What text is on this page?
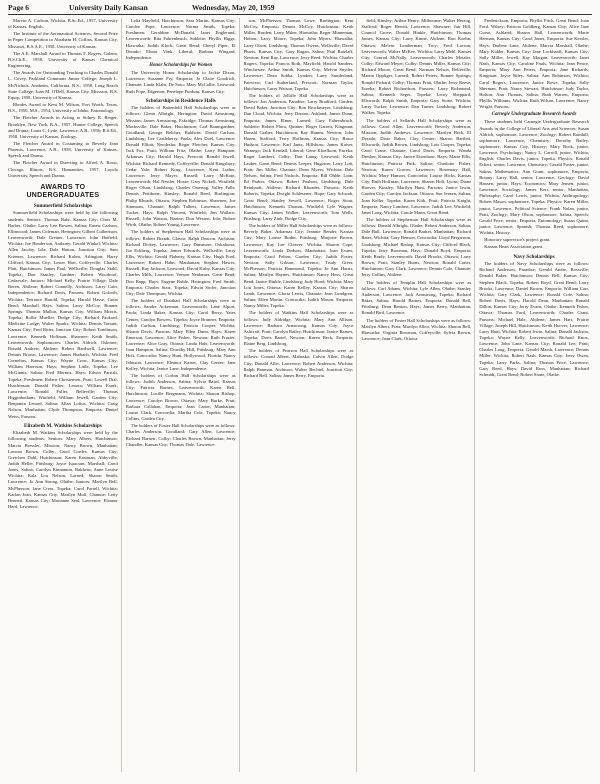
Page 6	University Daily Kansan	Wednesday, May 20, 1959

Marvin A. Carlson, Wichita, B.Sc.Ed., 1957, University of Kansas, English.

The Institute of the Aeronautical Sciences, Second Prize in Paper Competition to Abraham H. Collins, Kansas City, Missouri, B.S.A.E., 1958, University of Kansas.

The A.E. Marshall Award to Thomas F. Rogers, Galena, B.S.Ch.E., 1958, University of Kansas Chemical Engineering.

The Awards for Outstanding Teaching to Charles Donald L. Covey, Parkland Commons Junior College; Joseph L. McNichols, Anaheim, California, B.S., 1958, Long Beach State College; Joan M. O'Dell, Kansas City, Missouri, B.S. Equip, 1958, University of Kansas.

Rhodes Award to Kent M. Wilson, Fort Worth, Texas, B.S., 1950, M.S., 1954, University of Idaho, Entomology.

The Fletcher Awards in Acting to Sidney B. Berger, Brooklyn, New York, B.A., 1957, Hunter College, Speech and Drama; Louis C. Lyde, Lawrence, A.B., 1956; B.S.Ed., 1958, University of Kansas, Zoology.

The Fletcher Award in Costuming to Beverly Jean Phoenix, Lawrence, A.B., 1958, University of Kansas, Speech and Drama.

The Fletcher Award in Directing to Alfred A. Rossi, Chicago, Illinois, B.S. Humanities, 1957, Loyola University, Speech and Drama.

AWARDS TO UNDERGRADUATES
Summerfield Scholarships

Summerfield Scholarships were held by the following students: Seniors: Thomas Bahr, Kansas City; Chris M. Barber, Olathe; Larry Lee Bowen, Salina; Ernest Carlson, Ellinwood; James Coleman, Herington; Gilbert Culbertson, Leavenworth; Dale Greiner, Lawrence; John Hatfield, Wichita; Joe Henderson, Anthony; Gerald Winkel; Wichita; Allen Jacoby, Iola; Dale Hutton, Junction City; Sam Kroener, Lawrence; Richard Kohm, Arlington; Harry Clifford, Kansas City; Lester Hart, Coffeyville; Charles Platt, Hutchinson; James Paul, Wellsville; Douglas Stahl, Topeka; Don Stanley, Gardner; Robert Woodroof, Cedarvale; Juniors: Michael Kelly, Prairie Village; Dale Beren, Abilene; Robert Connelly, Atchison; Larry Cain, Independence; Richard Davis, Parsons; Robert Goforth, Wichita; Terrance Harold, Topeka; Harold Hasse, Great Bend; Marshall Hays, Salina; Larry McCoy, Bonner Springs; Thomas Mallon, Kansas City; William Morris, Topeka; Rollie Mueller, Dodge City; Richard Packard, Medicine Lodge; Walter Sparks, Wichita; Dennis Tarrant, Kansas City; Fred Ritter, Junction City; Robert Tomlinson, Lawrence; Kenneth Hoffman, Shawnee; Keith Smith, Leavenworth; Sophomores: Charles Aldrich, Osborne; Ronald Andrew, Abilene; Robert Bardwell, Lawrence; Dennis Brown, Lawrence; James Burbach, Wichita; Fred Cornelius, Kansas City; Wayne Crow, Kansas City; William Harrison, Hays; Stephen Little, Topeka; Lee McGinnis, Salina; Fred Mermis, Hays; Edwin Parrish, Topeka; Freshmen: Robert Christensen, Pratt; Lowell Dial, Hutchinson; Donald Fisher, Lenora; William Frank, Lawrence; Ronald Fuller, Belleville; Thomas Higginbotham, Winfield; William Jewell, Garden City; Benjamin Lenard, Salina; Allan Loftus, Wichita; Craig Nelson, Manhattan; Clyde Thompson, Emporia; Daniel Weiss, Parsons.

Elizabeth M. Watkins Scholarships

Elizabeth M. Watkins Scholarships were held by the following students: Seniors: Mary Albers, Hutchinson; Marcia Bressler, Mission; Nancy Brown, Manhattan; Lavona Brown, Colby; Carol Cordes, Kansas City; Gretchen Dahl, Hutchinson; Karen Eastman, Abbyville; Judith Heller, Pittsburg; Joyce Isaacson, Marshall; Carol Jones, Salina; Carolyn Kinnamon, Baldwin; Anne Louise Wichita; Kala Lou Nelson, Larned; Sharon Smith, Lawrence; Jo Ann Strong, Olathe; Juniors: Marilyn Bell, McPherson; Jane Cress, Topeka; Carol Farrell, Wichita; Karlan Jean, Kansas City; Marilyn Mull, Chanute; Letty Bennett, Kansas City; Marianne Seal, Lawrence; Eleanor Herd, Lawrence.

Lelia Mayfield, Hutchinson; Sara Martin, Kansas City; Carolee Pope, Lawrence; Norma Smith, Topeka; Freshmen: Geraldine McDonald, Janet Englerand, Leavenworth; Rita Fahrenbruch, Sublette; Phyllis Higgs, Hiawatha; Judith Klock, Great Bend; Cheryl Piper, El Dorado; Elinor Vonk, Liberal; Barbara Wingard, Independence.

Honor Scholarships for Women

The University Honor Scholarship to Jackie Dixon, Lawrence; Susanne Fry, Emporia; Jo Claire Goodrich, Chanute; Linda Klahr, De Soto; Mary McCallie, Leawood; Ruth Pope, Edgerton; Penelope Purdum, Kansas City.

Scholarships in Residence Halls

The holders of Battenfeld Hall Scholarships were as follows: Glenn Albright, Herington; David Armstrong, Mission; James Armstrong, Eskridge; Thomas Armstrong, Macksville; Dale Baker, Hutchinson; Carl Baumgardner, Goodland; George Belcher, Baldwin; David Carlson, Lindsborg; Lee Castleberry, Paola; Alex Doel, Lawrence; Donald Elliott, Neodesha; Roger Fletcher, Kansas City; Jack Fox, Pratt; William Fritz, Olathe; Larry Hampton, Arkansas City; Harold Hays, Prescott; Ronald Jewell, Wichita; Richard Kennedy, Coffeyville; Donald Kingsbury, Cedar Vale; Robert Krug, Lawrence; Kent Luther, Lawrence; Jerry Mayer, Russell; Larry McKain, Leavenworth; Hal Nestler, Hoxie; Gary Nickell, Winfield; Roger Olson, Lindsborg; Charles Ostertag, Valley Falls; Dennis Pettibone, Kinsley; Ronald Reed, Burlington; Philip Rhoads, Ottawa; Stephen Robinson, Shawnee; Joe Simmons, Chanute; Ralph Talbert, Lawrence; James Tucker, Hays; Ralph Vincent, Winfield; Jim Wallace, Russell; John Watson, Bazine; Don Weston, Iola; Robert Wirth, Olathe; Robert Young, Lawrence.

The holders of Stephenson Hall Scholarships were as follows: Robert Brandt, Glasco; Ralph Deacon, Atchison; Richard Dickey, Lawrence; Gary Dinsmore, Oskaloosa; Joe Eckberg, Topeka; James Edwards, Wellsville; Larry Ellis, Wichita; Gerald Flaherty, Kansas City; Hugh Ford, Lawrence; Robert Hahn, Manhattan; Stephen Hawes, Russell; Ray Jackson, Leawood; David Kirby, Kansas City; Charles Mills, Lawrence; Vernon Neubauer, Great Bend; Don Rapp, Hays; Eugene Ruble, Herington; Fred Smith, Emporia; Charles Starr, Topeka; Edwin Stofer, Junction City; Dale Thompson, Wichita.

The holders of Douthart Hall Scholarships were as follows: Sandra Ackerman, Leavenworth; Lane Alport, Paola; Linda Baker, Kansas City; Carol Berry, Yates Center; Carolyn Bowers, Topeka; Joyce Brunner, Emporia; Judith Carlson, Lindsborg; Patricia Cooper, Wichita; Sharon Davis, Parsons; Mary Ellen Dunn, Hays; Karen Emerson, Lawrence; Alice Fisher, Newton; Ruth Frazier, Lawrence; Alice Gray, Ottawa; Linda Hale, Leavenworth; Joan Hampton, Salina; Dorothy Hill, Pittsburg; Mary Ann Holt, Concordia; Nancy Hunt, Hollywood, Florida; Nancy Johnson, Lawrence; Eleanor Kaiser, Clay Center; Jane Kelley, Wichita; Janice Lane, Independence.

The holders of Corbin Hall Scholarships were as follows: Judith Anderson, Salina; Sylvia Baird, Kansas City; Patricia Barnes, Leavenworth; Karen Bell, Hutchinson; Lucille Bergmann, Wichita; Sharon Bishop, Lawrence; Carolyn Brown, Ottawa; Mary Burke, Pratt; Barbara Callahan, Emporia; Joan Carter, Manhattan; Louise Clark, Concordia; Martha Cole, Topeka; Nancy Collins, Garden City.

The holders of Foster Hall Scholarships were as follows: Charles Anderson, Goodland; Gary Allen, Lawrence; Richard Barnett, Colby; Charles Brown, Manhattan; Jerry Chandler, Kansas City; Thomas Dale, Lawrence.

son, McPherson; Thomas Lowe, Burlington; Kent McCoy, Emporia; Dennis McCoy, Hutchinson; Keith Miller, Burden; Larry Milne, Hiawatha; Roger Minneman, Holton; Larry Moore, Topeka; John Myers, Hiawatha; Larry Olson, Lindsborg; Thomas Owens, Wellsville; David Pharis, Kansas City; Gary Ragan, Salina; Paul Ratzlaff, Newton; Kent Ray, Lawrence; Jerry Reed, Wichita; Charles Rogers, Topeka; Francis Roth, Mayfield; Harold Sanders, Winchester; Arthur Smith, Kansas City; Melvin Snyder, Lawrence; Dean Sobba, Lyndon; Larry Sunderland, Fairview; Carl Sutherland, Prescott; Norman Taylor, Hutchinson; Larry Watson, Topeka.

The holders of Jolliffe Hall Scholarships were as follows: Jon Anderson, Paradise; Larry Bradford, Garden; David Baker, Junction City; Ron Brockmeyer, Lindsborg; Dan Cloud, Wichita; Jerry Denton, Ashland; James Dunn, Emporia; James Elmer, Larned; Gary Fahrenbruch, Sublette; Robert Flora, Quinter; Roger Garrett, Kingman; Donald Graber, Hutchinson; Ray Hamm, Newton; John Hazen, Stafford; Terry Hoffman, Kansas City; Bruce Hudson, Lawrence; Karl Jantz, Hillsboro; James Kaiser, Wamego; Jack Kendall, Liberal; Gene Kloefkorn, Eureka; Roger Lambert, Colby; Don Laing, Leawood; Keith Lauber, Great Bend; Dennis Leeper, Hugoton; Larry Lott, Pratt; Jim Miller, Chanute; Dean Myers, Wichita; Dale Nelson, Salina; Fred Nichols, Emporia; Bill Ohlde, Linn; Ed Parker, Ottawa; Robert Paulsen, Lindsborg; Dale Reinhardt, Abilene; Richard Rhoades, Parsons; Keith Roberts, Topeka; Dwight Schlesener, Hope; Gary Schwab, Great Bend; Stanley Sewell, Lawrence; Roger Stout, Hutchinson; Kenneth Thomas, Winfield; Lyle Wagner, Kansas City; James Walker, Leavenworth; Tom Wells, Pittsburg; Larry Zink, Dodge City.

The holders of Miller Hall Scholarships were as follows: Beverly Baker, Arkansas City; Jeannie Bender, Kansas City; Mary Louise Bodin, Pittsburg; Marjorie Brown, Lawrence; Kay Lee Cleaver, Wichita; Sharon Cope, Leavenworth; Linda Dodson, Manhattan; Joan Evans, Emporia; Carol Felton, Garden City; Judith Foster, Newton; Sally Gibson, Lawrence; Trudy Greer, McPherson; Patricia Hammond, Topeka; Jo Ann Harris, Salina; Marilyn Haynes, Hutchinson; Nancy Hess, Great Bend; Janice Hinkle, Lindsborg; Judy Hood, Wichita; Mary Lou Jones, Ottawa; Karen Kelley, Kansas City; Sharon Lamb, Lawrence; Gloria Lewis, Chanute; Jean Lundgren, Salina; Ellen Martin, Concordia; Judith Mason, Emporia; Nancy Miller, Topeka.

The holders of Watkins Hall Scholarships were as follows: Judy Aldridge, Wichita; Mary Ann Allison, Lawrence; Barbara Armstrong, Kansas City; Joyce Ashcraft, Pratt; Carolyn Bailey, Hutchinson; Janice Barnes, Topeka; Doris Bartel, Newton; Karen Beck, Emporia; Elaine Berg, Lindsborg.

The holders of Pearson Hall Scholarships were as follows: Conrad Albert, Mahaska; Calvin Allen, Dodge City; Donald Aller, Lawrence; Robert Anderson, Wichita; Ralph Bauman, Atchison; Walter Bechtel, Junction City; Richard Bell, Salina; James Berry, Emporia.

field; Kinsley; Arthur Henry, Milbourne; Walter Herzog, Stafford; Roger Hewitt, Lawrence; Shawnee; Jan Hill, Council Grove; Donald Hinkle, Hutchinson; Thomas James, Kansas City; Larry Kinne, Abilene; Ron Koehn, Ottawa; Melvin Leatherman, Troy; Fred Lorson, Leavenworth; Walter McKee, Wichita; Larry Mehl, Kansas City; Conrad McNally, Leavenworth; Charles Metzler, Colby; Edward Meyer, Colby; Dennis Miller, Kansas City; Richard Moore, Great Bend; Norman Nelson, Belleville; Martin Oppliger, Larned; Robert Peters, Bonner Springs; Ronald Pickard, Colby; Thomas Pratt, Olathe; Jerry Reese, Eureka; Robert Richardson, Parsons; Larry Richmond, Salina; Kenneth Seger, Topeka; Leroy Sheppard, Ellsworth; Ralph Smith, Emporia; Gary Stone, Wichita; Larry Tucker, Lawrence; Dan Turner, Lindsborg; Robert Walker, Topeka.

The holders of Sellards Hall Scholarships were as follows: Carol Allen, Leavenworth; Beverly Anderson, Mission; Judith Andrews, Lawrence; Marilyn Beck, El Dorado; Dixie Baker, Clay Center; Sharon Bartlett, Ellsworth; Judith Brown, Lindsborg; Lois Cooper, Topeka; Carol Crane, Chanute; Carol Davis, Emporia; Wanda Dresher, Kansas City; Janice Eisenhour, Hays; Marie Ellis, Hutchinson; Patricia Fink, Salina; Charlotte Fisher, Newton; Karen Graves, Lawrence; Rosemary Hall, Wichita; Mary Hanson, Concordia; Louise Hicks, Kansas City; Ruth Hoffman, Lawrence; Sharon Holt, Lyons; Diane Hoover, Kinsley; Marilyn Hunt, Parsons; Janice Irwin, Garden City; Carolyn Jackson, Ottawa; Sue Jensen, Salina; Joan Keller, Topeka; Karen Kirk, Pratt; Patricia Knight, Emporia; Nancy Lambert, Lawrence; Judith Lee, Winfield; Janet Long, Wichita; Carole Mann, Great Bend.

The holders of Stephenson Hall Scholarships were as follows: Donald Albright, Olathe; Robert Anderson, Salina; Dale Ball, Lawrence; Ronald Barker, Manhattan; Richard Bates, Wichita; Gary Benson, Concordia; Lloyd Bergstrom, Lindsborg; Michael Bishop, Kansas City; Clifford Black, Topeka; Jerry Bowman, Hays; Donald Boyd, Emporia; Keith Brady, Leavenworth; David Brooks, Ottawa; Larry Brown, Pratt; Stanley Burns, Newton; Ronald Carter, Hutchinson; Gary Clark, Lawrence; Dennis Cole, Chanute; Jerry Collins, Abilene.

The holders of Templin Hall Scholarships were as follows: Carl Adams, Wichita; Lyle Allen, Olathe; Stanley Anderson, Lawrence; Jack Armstrong, Topeka; Richard Baker, Salina; Harold Barnes, Emporia; Donald Bell, Pittsburg; Dean Benton, Hays; James Berry, Manhattan; Ronald Bird, Lawrence.

The holders of Foster Hall Scholarships were as follows: Marilyn Albert, Pratt; Marilyn Allen, Wichita; Sharon Bell, Hiawatha; Virginia Bowman, Coffeyville; Sylvia Brown, Lawrence; Joan Clark, Ottawa.

Frederickson, Emporia; Phyllis Fitch, Great Bend; Joan Ford, Wilsey; Patricia Goldberg, Kansas City; Alice Jane Gorse, Ashland; Sharon Hall, Leavenworth; Marie Herman, Kansas City; Carol Jones, Emporia; Sue Kessler, Hays; Darlene Lane, Abilene; Marcia Marshall, Olathe; Mary Kidder, Kansas City; Jane Lockhardt, Kansas City; Sally Miller, Jewell; Kay Morgan, Leavenworth; Janet Nash, Kansas City; Caroline Pauls, Wichita; Jean Pence, Emporia; Mary Ann Peters, Emporia; Jane Richards, Kingman; Joyce Riley, Salina; Ann Robinson, Wichita; Carol Rogers, Lawrence; Janice Rowe, Topeka; Sally Sherman, Pratt; Nancy Stewart, Hutchinson; Judy Taylor, Holton; Ann Thomas, Salina; Ruth Warren, Emporia; Phyllis Williams, Wichita; Ruth Wilson, Lawrence; Nancy Wright, Parsons.

Carnegie Undergraduate Research Awards

These students held Carnegie Undergraduate Research Awards in the College of Liberal Arts and Sciences: Susan Aldrich, sophomore, Lawrence, Zoology; Robert Barnhill, sophomore, Lawrence, Chemistry; Dorothy Bailey, sophomore, Kansas City, History; Mary Bock, junior, Lawrence, Psychology; Nancy L. Carroll, junior, Wichita, English; Charles Davis, junior, Topeka, Physics; Ronald Eckert, senior, Lawrence, Chemistry; Gerald Foster, junior, Salina, Mathematics; Ann Grant, sophomore, Emporia, Botany; Larry Hall, senior, Lawrence, Geology; David Hansen, junior, Hays, Economics; Mary Jensen, junior, Lawrence, Sociology; James Kerr, senior, Manhattan, Philosophy; Carol Lewis, junior, Wichita, Anthropology; Robert Mason, sophomore, Topeka, Physics; Karen Miller, junior, Lawrence, Political Science; Frank Nolan, junior, Pratt, Zoology; Mary Olson, sophomore, Salina, Speech; Gerald Price, senior, Emporia, Entomology; Susan Quinn, junior, Lawrence, Spanish; Thomas Reed, sophomore, Wichita, History.

Honorary supervisor's project grant.

Kansas Heart Association grant.

Navy Scholarships

The holders of Navy Scholarships were as follows: Richard Anderson, Paradise; Gerald Andre, Rossville; Donald Baker, Hutchinson; Dennis Bell, Kansas City; Stephen Black, Topeka; Robert Boyd, Great Bend; Larry Brooks, Lawrence; Daniel Brown, Emporia; William Carr, Wichita; Gary Clark, Lawrence; Ronald Cole, Salina; Robert Davis, Hays; Harold Dean, Manhattan; Ronald Dillon, Kansas City; Jerry Evans, Olathe; Kenneth Fisher, Ottawa; Thomas Ford, Leavenworth; Charles Grant, Parsons; Michael Hale, Abilene; James Hart, Prairie Village; Joseph Hill, Hutchinson; Keith Hoover, Lawrence; Larry Hunt, Wichita; Robert Irwin, Salina; Donald Jackson, Topeka; Wayne Kelly, Leavenworth; Richard Knox, Lawrence; John Lane, Kansas City; Ronald Lee, Pratt; Charles Long, Emporia; Gerald Marsh, Lawrence; Dennis Miller, Wichita; Robert Nash, Kansas City; Jerry Owen, Topeka; Larry Parks, Salina; Thomas Price, Lawrence; Gary Reed, Hays; David Ross, Manhattan; Richard Schmidt, Great Bend; Robert Stone, Olathe.
